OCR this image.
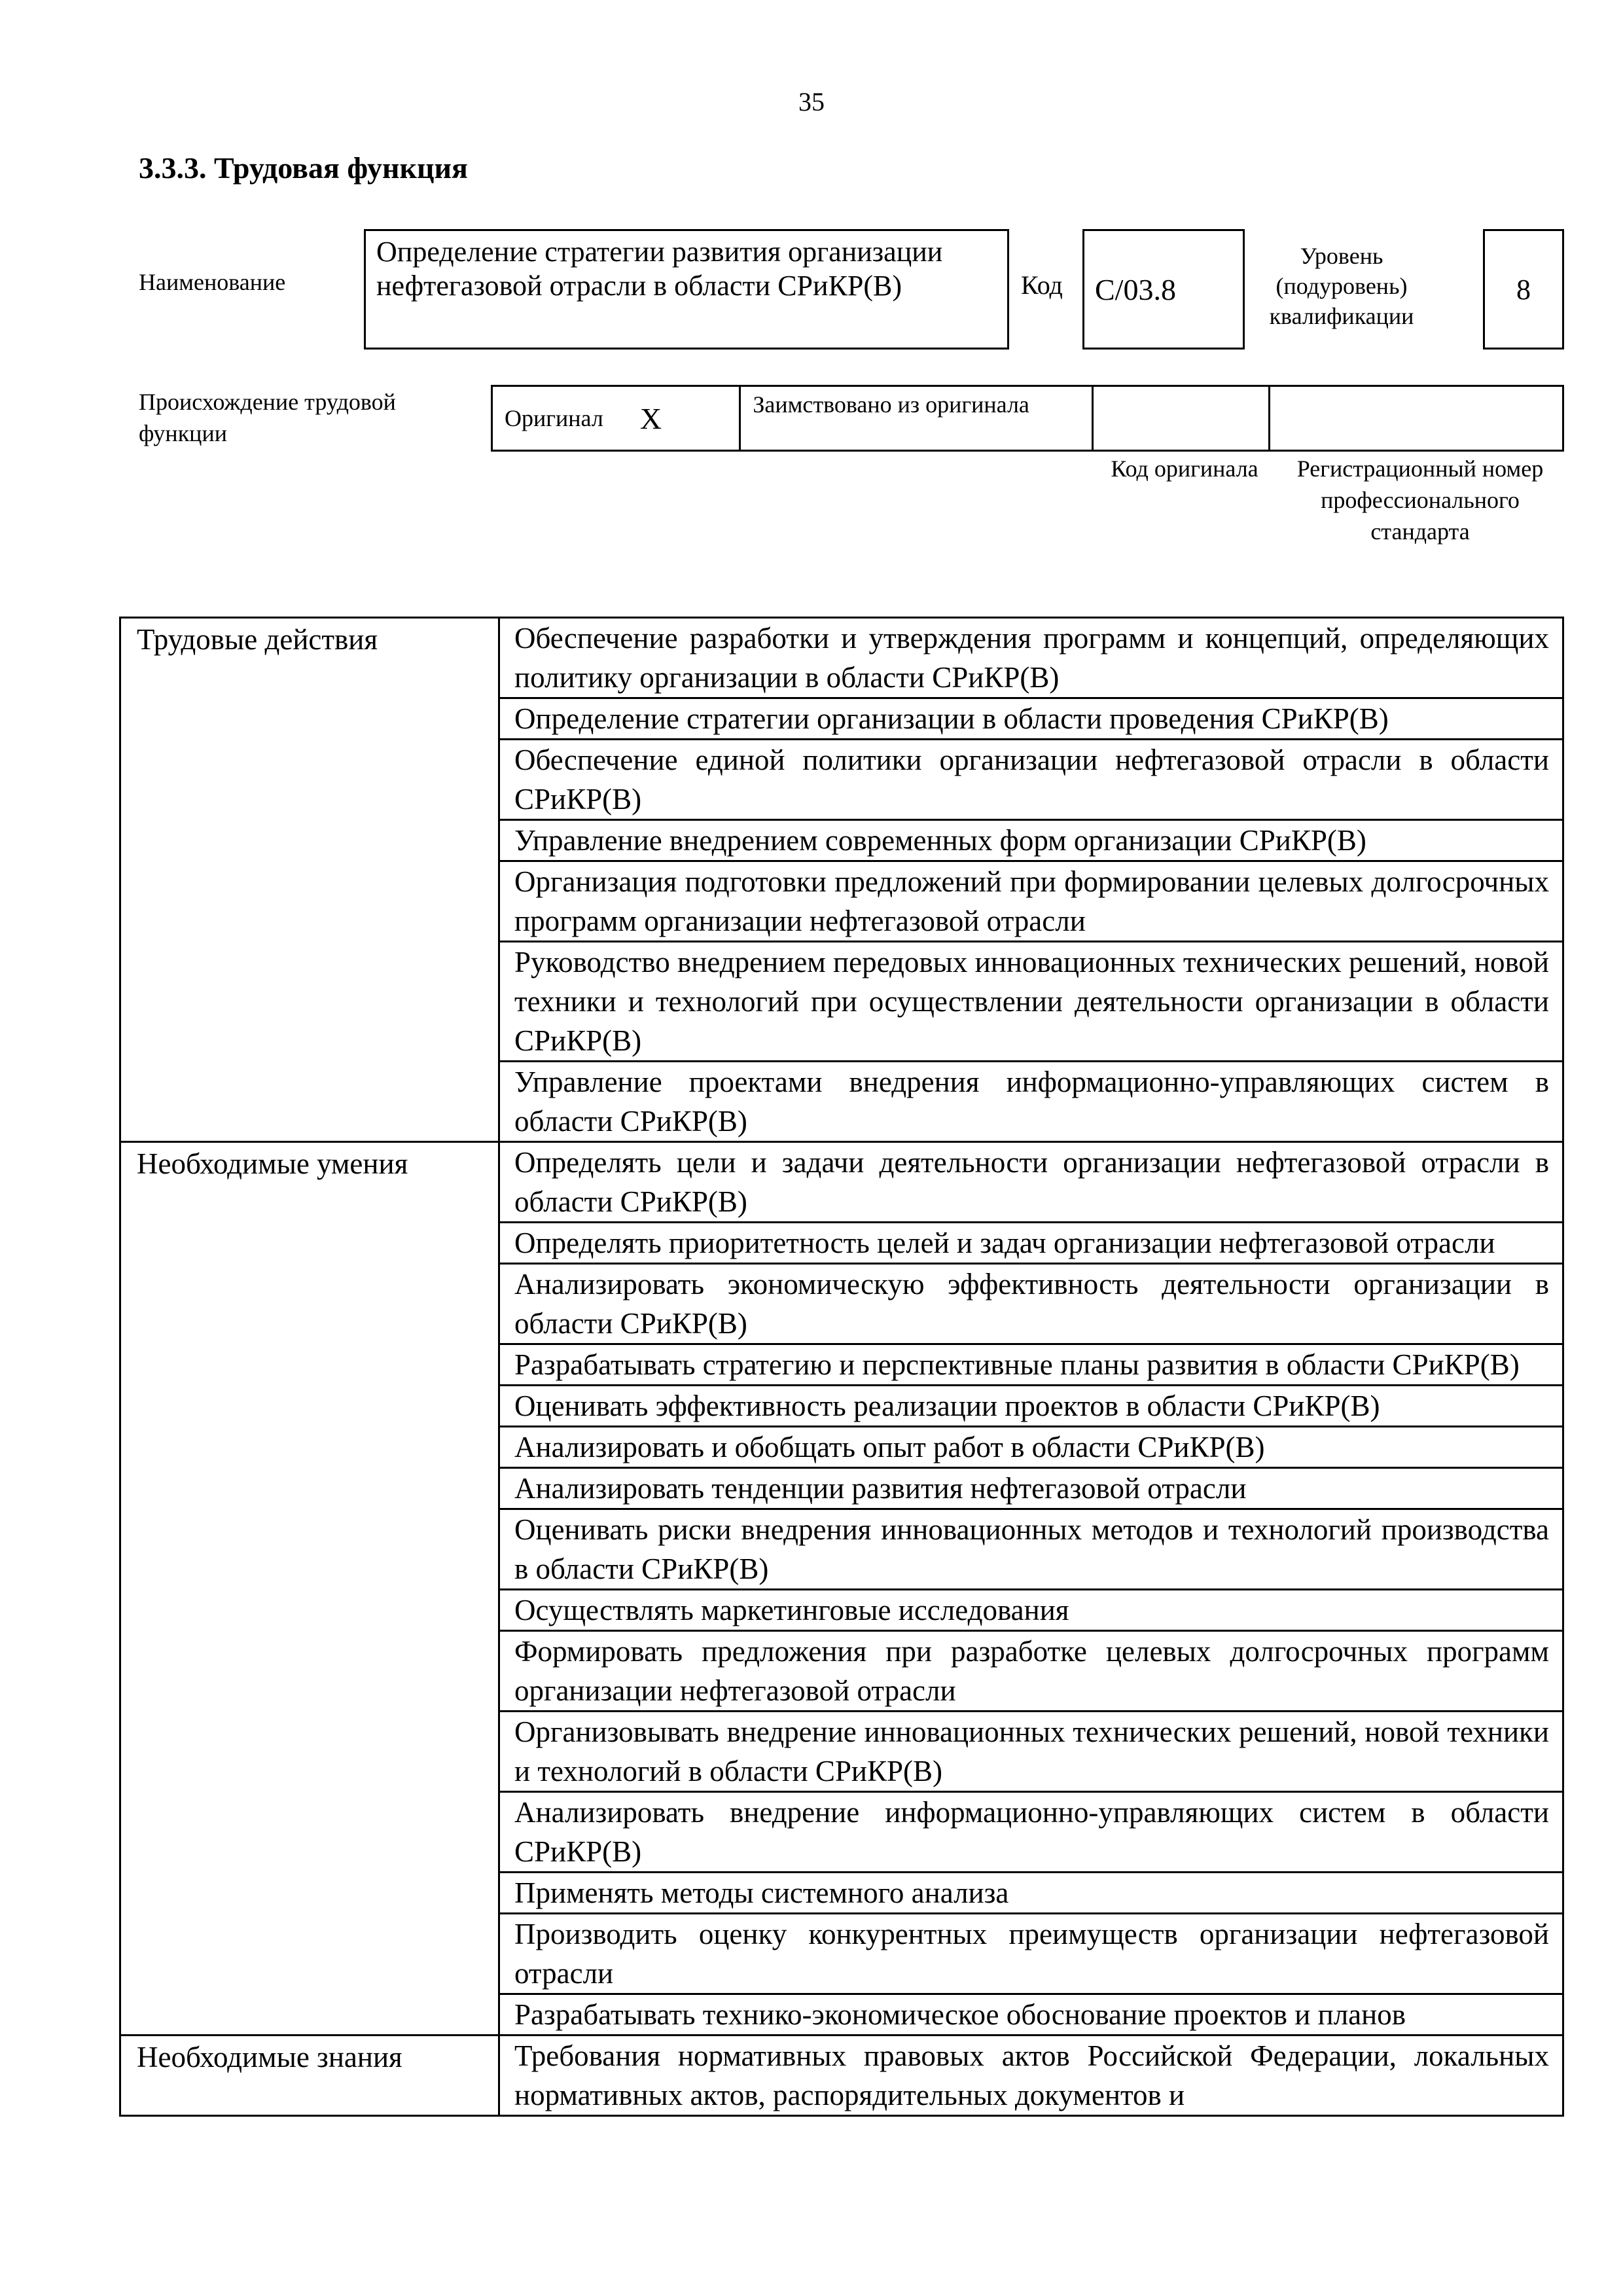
35
3.3.3. Трудовая функция
Наименование
Определение стратегии развития организации нефтегазовой отрасли в области СРиКР(В)	Код C/03.8
Уровень (подуровень) квалификации
8
Происхождение трудовой функции
Оригинал X	Заимствовано из оригинала
Код оригинала	Регистрационный номер профессионального стандарта
Трудовые действия	Обеспечение разработки и утверждения программ и концепций, определяющих политику организации в области СРиКР(В)
	Определение стратегии организации в области проведения СРиКР(В)
	Обеспечение единой политики организации нефтегазовой отрасли в области СРиКР(В)
	Управление внедрением современных форм организации СРиКР(В)
	Организация подготовки предложений при формировании целевых долгосрочных программ организации нефтегазовой отрасли
	Руководство внедрением передовых инновационных технических решений, новой техники и технологий при осуществлении деятельности организации в области СРиКР(В)
	Управление проектами внедрения информационно-управляющих систем в области СРиКР(В)
Необходимые умения	Определять цели и задачи деятельности организации нефтегазовой отрасли в области СРиКР(В)
	Определять приоритетность целей и задач организации нефтегазовой отрасли
	Анализировать экономическую эффективность деятельности организации в области СРиКР(В)
	Разрабатывать стратегию и перспективные планы развития в области СРиКР(В)
	Оценивать эффективность реализации проектов в области СРиКР(В)
	Анализировать и обобщать опыт работ в области СРиКР(В)
	Анализировать тенденции развития нефтегазовой отрасли
	Оценивать риски внедрения инновационных методов и технологий производства в области СРиКР(В)
	Осуществлять маркетинговые исследования
	Формировать предложения при разработке целевых долгосрочных программ организации нефтегазовой отрасли
	Организовывать внедрение инновационных технических решений, новой техники и технологий в области СРиКР(В)
	Анализировать внедрение информационно-управляющих систем в области СРиКР(В)
	Применять методы системного анализа
	Производить оценку конкурентных преимуществ организации нефтегазовой отрасли
	Разрабатывать технико-экономическое обоснование проектов и планов
Необходимые знания	Требования нормативных правовых актов Российской Федерации, локальных нормативных актов, распорядительных документов и
